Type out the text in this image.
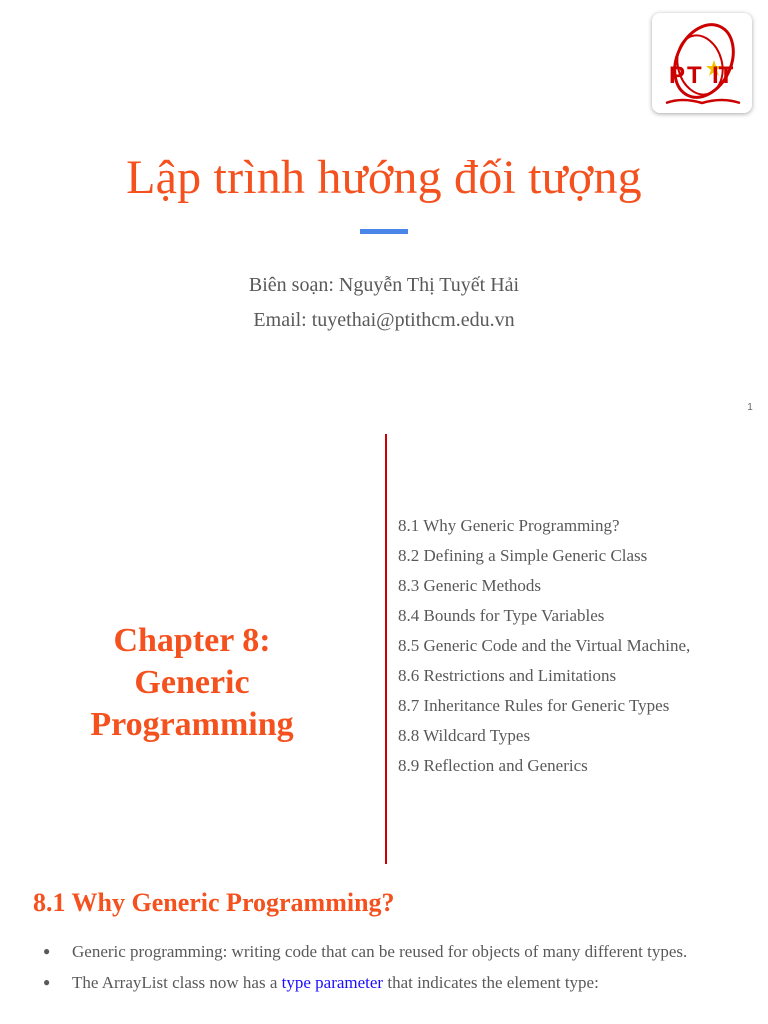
P T IT
Lập trình hướng đối tượng
Biên soạn: Nguyễn Thị Tuyết Hải
Email: tuyethai@ptithcm.edu.vn
1
Chapter 8:
Generic
Programming
8.1 Why Generic Programming?
8.2 Defining a Simple Generic Class
8.3 Generic Methods
8.4 Bounds for Type Variables
8.5 Generic Code and the Virtual Machine,
8.6 Restrictions and Limitations
8.7 Inheritance Rules for Generic Types
8.8 Wildcard Types
8.9 Reflection and Generics
8.1 Why Generic Programming?
● Generic programming: writing code that can be reused for objects of many different types.
● The ArrayList class now has a type parameter that indicates the element type:
